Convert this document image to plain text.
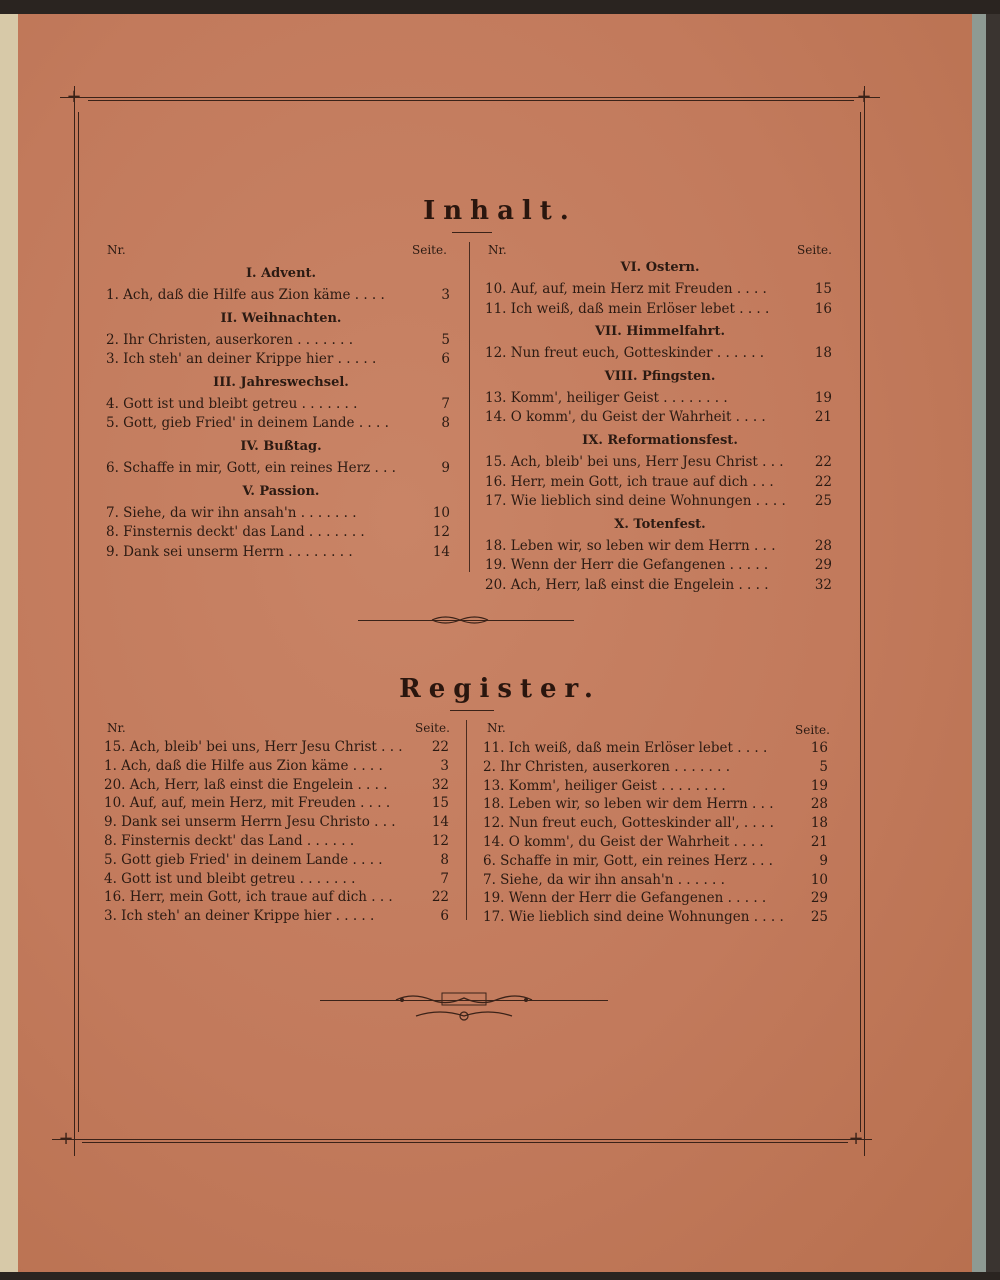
+	+
+	+
Inhalt.
Nr.	Seite.	Nr.	Seite.
I. Advent.
1. Ach, daß die Hilfe aus Zion käme . . . .	3
II. Weihnachten.
2. Ihr Christen, auserkoren . . . . . . .	5
3. Ich steh' an deiner Krippe hier . . . . .	6
III. Jahreswechsel.
4. Gott ist und bleibt getreu . . . . . . .	7
5. Gott, gieb Fried' in deinem Lande . . . .	8
IV. Bußtag.
6. Schaffe in mir, Gott, ein reines Herz . . .	9
V. Passion.
7. Siehe, da wir ihn ansah'n . . . . . . .	10
8. Finsternis deckt' das Land . . . . . . .	12
9. Dank sei unserm Herrn . . . . . . . .	14
VI. Ostern.
10. Auf, auf, mein Herz mit Freuden . . . .	15
11. Ich weiß, daß mein Erlöser lebet . . . .	16
VII. Himmelfahrt.
12. Nun freut euch, Gotteskinder . . . . . .	18
VIII. Pfingsten.
13. Komm', heiliger Geist . . . . . . . .	19
14. O komm', du Geist der Wahrheit . . . .	21
IX. Reformationsfest.
15. Ach, bleib' bei uns, Herr Jesu Christ . . .	22
16. Herr, mein Gott, ich traue auf dich . . .	22
17. Wie lieblich sind deine Wohnungen . . . .	25
X. Totenfest.
18. Leben wir, so leben wir dem Herrn . . .	28
19. Wenn der Herr die Gefangenen . . . . .	29
20. Ach, Herr, laß einst die Engelein . . . .	32
Register.
Nr.	Seite.	Nr.	Seite.
15. Ach, bleib' bei uns, Herr Jesu Christ . . .	22
1. Ach, daß die Hilfe aus Zion käme . . . .	3
20. Ach, Herr, laß einst die Engelein . . . .	32
10. Auf, auf, mein Herz, mit Freuden . . . .	15
9. Dank sei unserm Herrn Jesu Christo . . .	14
8. Finsternis deckt' das Land . . . . . .	12
5. Gott gieb Fried' in deinem Lande . . . .	8
4. Gott ist und bleibt getreu . . . . . . .	7
16. Herr, mein Gott, ich traue auf dich . . .	22
3. Ich steh' an deiner Krippe hier . . . . .	6
11. Ich weiß, daß mein Erlöser lebet . . . .	16
2. Ihr Christen, auserkoren . . . . . . .	5
13. Komm', heiliger Geist . . . . . . . .	19
18. Leben wir, so leben wir dem Herrn . . .	28
12. Nun freut euch, Gotteskinder all', . . . .	18
14. O komm', du Geist der Wahrheit . . . .	21
6. Schaffe in mir, Gott, ein reines Herz . . .	9
7. Siehe, da wir ihn ansah'n . . . . . .	10
19. Wenn der Herr die Gefangenen . . . . .	29
17. Wie lieblich sind deine Wohnungen . . . .	25
